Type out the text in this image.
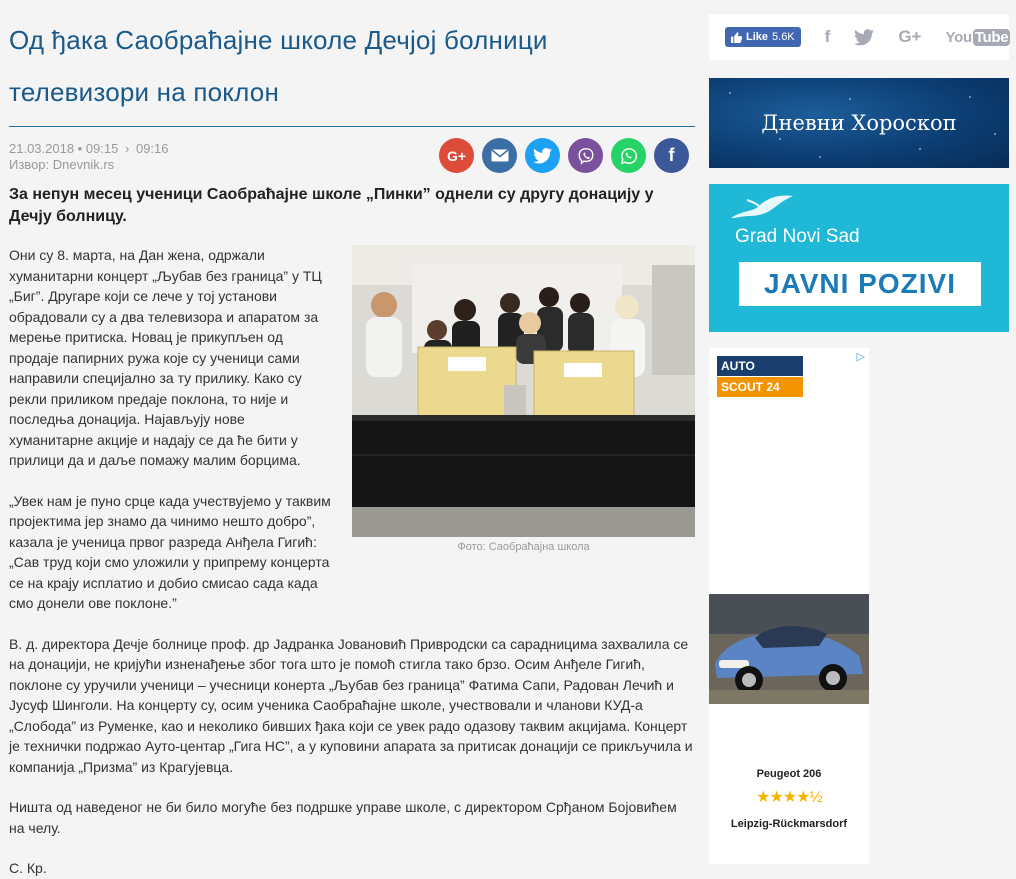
Од ђака Саобраћајне школе Дечјој болници телевизори на поклон
21.03.2018 • 09:15 › 09:16
Извор: Dnevnik.rs
G+	f

За непун месец ученици Саобраћајне школе „Пинки” однели су другу донацију у Дечју болницу.

Фото: Саобраћајна школа

Они су 8. марта, на Дан жена, одржали хуманитарни концерт „Љубав без граница” у ТЦ „Биг”. Другаре који се лече у тој установи обрадовали су а два телевизора и апаратом за мерење притиска. Новац је прикупљен од продаје папирних ружа које су ученици сами направили специјално за ту прилику. Како су рекли приликом предаје поклона, то није и последња донација. Најављују нове хуманитарне акције и надају се да ће бити у прилици да и даље помажу малим борцима.

„Увек нам је пуно срце када учествујемо у таквим пројектима јер знамо да чинимо нешто добро”, казала је ученица првог разреда Анђела Гигић: „Сав труд који смо уложили у припрему концерта се на крају исплатио и добио смисао сада када смо донели ове поклоне.”

В. д. директора Дечје болнице проф. др Јадранка Јовановић Привродски са сарадницима захвалила се на донацији, не кријући изненађење због тога што је помоћ стигла тако брзо. Осим Анђеле Гигић, поклоне су уручили ученици – учесници конерта „Љубав без граница” Фатима Сапи, Радован Лечић и Јусуф Шинголи. На концерту су, осим ученика Саобраћајне школе, учествовали и чланови КУД-а „Слобода” из Руменке, као и неколико бивших ђака који се увек радо одазову таквим акцијама. Концерт је технички подржао Ауто-центар „Гига НС”, а у куповини апарата за притисак донацији се прикључила и компанија „Призма” из Крагујевца.

Ништа од наведеног не би било могуће без подршке управе школе, с директором Срђаном Бојовићем на челу.

С. Кр.

Like 5.6K f	G+ You Tube
Дневни Хороскоп
Grad Novi Sad
JAVNI POZIVI
AUTO
SCOUT 24
▷
Peugeot 206
★★★★½
Leipzig-Rückmarsdorf
